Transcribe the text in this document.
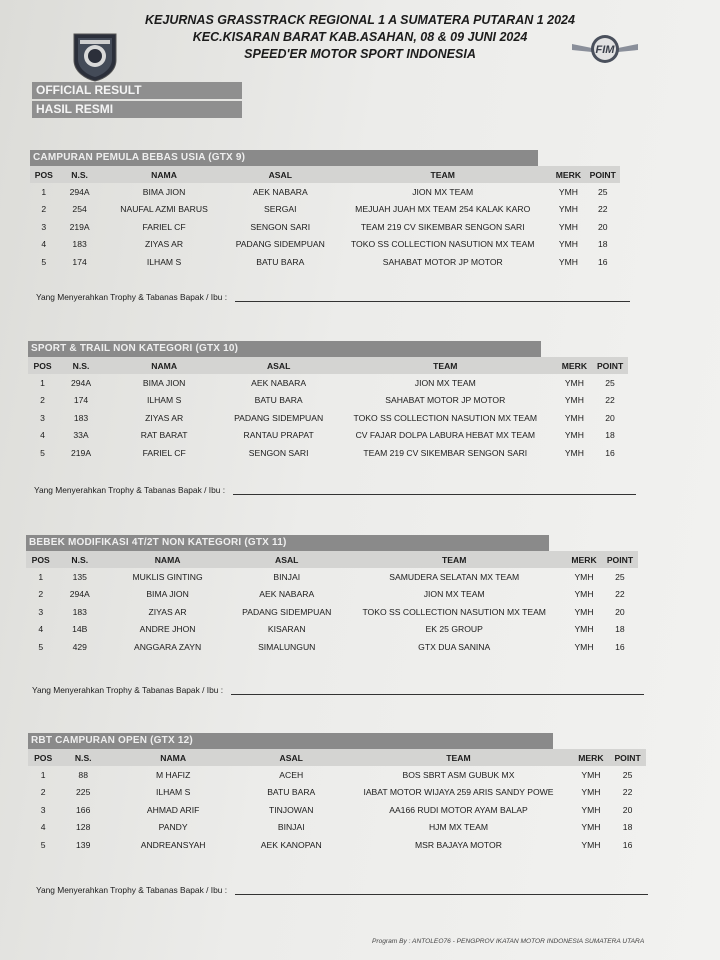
KEJURNAS GRASSTRACK REGIONAL 1 A SUMATERA PUTARAN 1 2024
KEC.KISARAN BARAT KAB.ASAHAN, 08 & 09 JUNI 2024
SPEED'ER MOTOR SPORT INDONESIA	FIM
OFFICIAL RESULT
HASIL RESMI
CAMPURAN PEMULA BEBAS USIA (GTX 9)
POS	N.S.	NAMA	ASAL	TEAM	MERK	POINT
1	294A	BIMA JION	AEK NABARA	JION MX TEAM	YMH	25
2	254	NAUFAL AZMI BARUS	SERGAI	MEJUAH JUAH MX TEAM 254 KALAK KARO	YMH	22
3	219A	FARIEL CF	SENGON SARI	TEAM 219 CV SIKEMBAR SENGON SARI	YMH	20
4	183	ZIYAS AR	PADANG SIDEMPUAN	TOKO SS COLLECTION NASUTION MX TEAM	YMH	18
5	174	ILHAM S	BATU BARA	SAHABAT MOTOR JP MOTOR	YMH	16
Yang Menyerahkan Trophy & Tabanas Bapak / Ibu :
SPORT & TRAIL NON KATEGORI (GTX 10)
POS	N.S.	NAMA	ASAL	TEAM	MERK	POINT
1	294A	BIMA JION	AEK NABARA	JION MX TEAM	YMH	25
2	174	ILHAM S	BATU BARA	SAHABAT MOTOR JP MOTOR	YMH	22
3	183	ZIYAS AR	PADANG SIDEMPUAN	TOKO SS COLLECTION NASUTION MX TEAM	YMH	20
4	33A	RAT BARAT	RANTAU PRAPAT	CV FAJAR DOLPA LABURA HEBAT MX TEAM	YMH	18
5	219A	FARIEL CF	SENGON SARI	TEAM 219 CV SIKEMBAR SENGON SARI	YMH	16
Yang Menyerahkan Trophy & Tabanas Bapak / Ibu :
BEBEK MODIFIKASI 4T/2T NON KATEGORI (GTX 11)
POS	N.S.	NAMA	ASAL	TEAM	MERK	POINT
1	135	MUKLIS GINTING	BINJAI	SAMUDERA SELATAN MX TEAM	YMH	25
2	294A	BIMA JION	AEK NABARA	JION MX TEAM	YMH	22
3	183	ZIYAS AR	PADANG SIDEMPUAN	TOKO SS COLLECTION NASUTION MX TEAM	YMH	20
4	14B	ANDRE JHON	KISARAN	EK 25 GROUP	YMH	18
5	429	ANGGARA ZAYN	SIMALUNGUN	GTX DUA SANINA	YMH	16
Yang Menyerahkan Trophy & Tabanas Bapak / Ibu :
RBT CAMPURAN OPEN (GTX 12)
POS	N.S.	NAMA	ASAL	TEAM	MERK	POINT
1	88	M HAFIZ	ACEH	BOS SBRT ASM GUBUK MX	YMH	25
2	225	ILHAM S	BATU BARA	IABAT MOTOR WIJAYA 259 ARIS SANDY POWE	YMH	22
3	166	AHMAD ARIF	TINJOWAN	AA166 RUDI MOTOR AYAM BALAP	YMH	20
4	128	PANDY	BINJAI	HJM MX TEAM	YMH	18
5	139	ANDREANSYAH	AEK KANOPAN	MSR BAJAYA MOTOR	YMH	16
Yang Menyerahkan Trophy & Tabanas Bapak / Ibu :
Program By : ANTOLEO76 - PENGPROV IKATAN MOTOR INDONESIA SUMATERA UTARA
